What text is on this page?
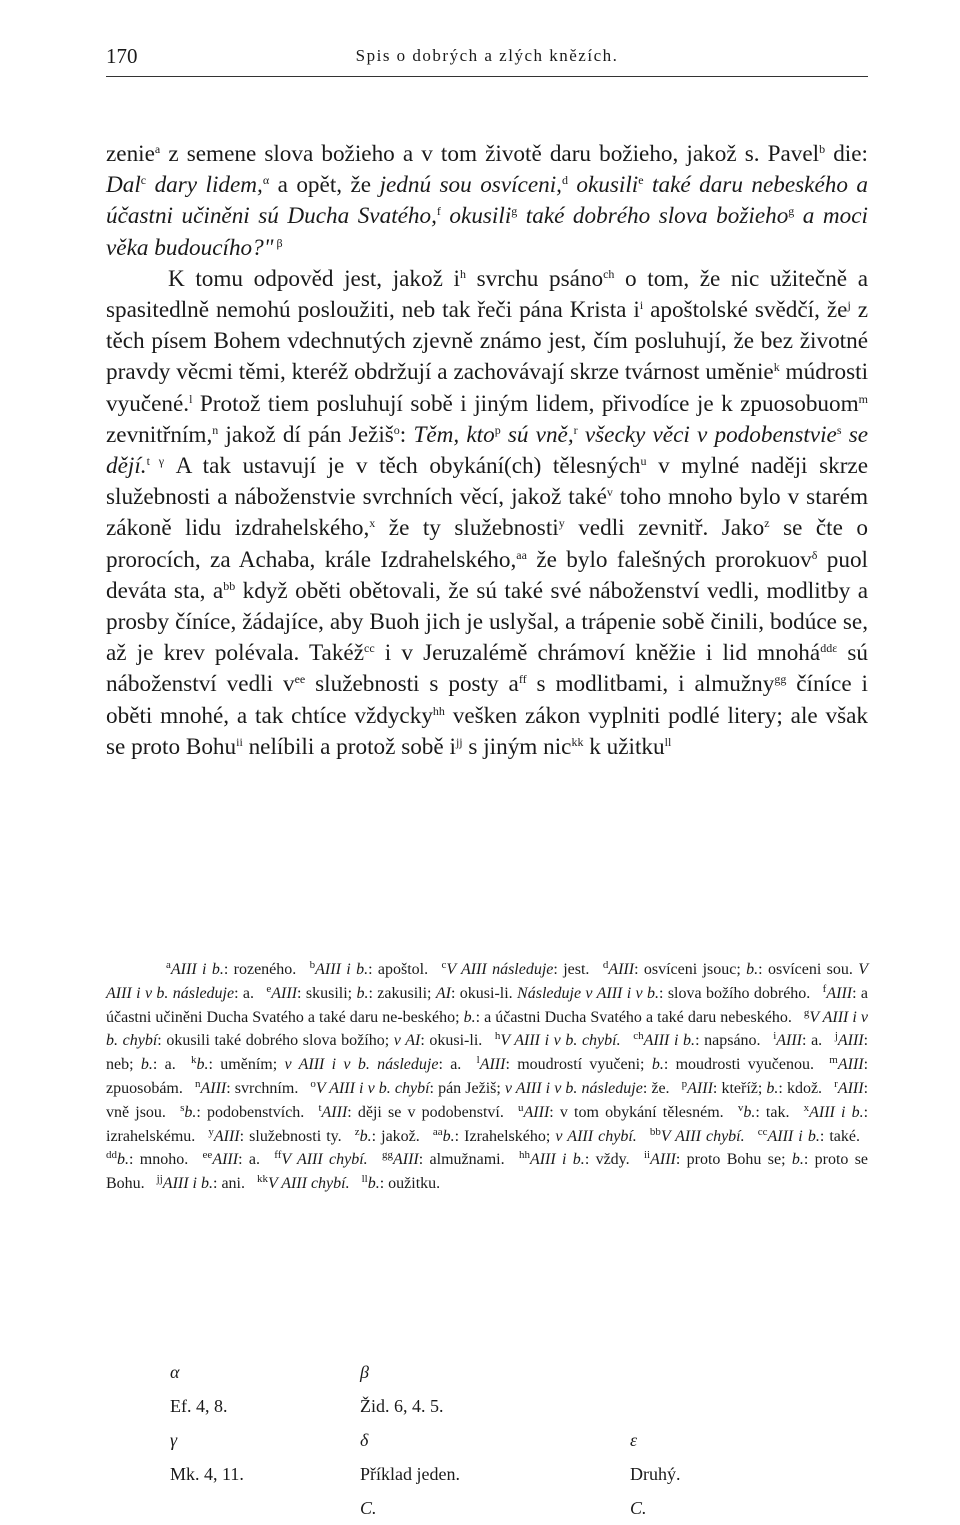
170	Spis o dobrých a zlých knězích.

zenie$^a$ z semene slova božieho a v tom životě daru božieho, jakož s. Pavel$^b$ die: Dal$^c$ dary lidem,$^\alpha$ a opět, že jednú sou osvíceni,$^d$ okusili$^e$ také daru nebeského a účastni učiněni sú Ducha Svatého,$^f$ okusili$^g$ také dobrého slova božieho$^g$ a moci věka budoucího?" $^\beta$

K tomu odpověd jest, jakož $i^h$ svrchu psáno$^{ch}$ o tom, že nic užitečně a spasitedlně nemohú posloužiti, neb tak řeči pána Krista $i^i$ apoštolské svědčí, $že^j$ z těch písem Bohem vdechnutých zjevně známo jest, čím posluhují, že bez životné pravdy věcmi těmi, kteréž obdržují a zachovávají skrze tvárnost uměnie$^k$ múdrosti vyučené.$^l$ Protož tiem posluhují sobě i jiným lidem, přivodíce je k zpuosobuom$^m$ zevnitřním,$^n$ jakož dí pán Ježiš$^o$: Těm, kto$^p$ sú vně,$^r$ všecky věci v podobenstvie$^s$ se dějí.$^t$ $^\gamma$ A tak ustavují je v těch obykání(ch) tělesných$^u$ v mylné naději skrze služebnosti a náboženstvie svrchních věcí, jakož také$^v$ toho mnoho bylo v starém zákoně lidu izdrahelského,$^x$ že ty služebnosti$^y$ vedli zevnitř. Jako$^z$ se čte o prorocích, za Achaba, krále Izdrahelského,$^{aa}$ že bylo falešných prorokuov$^\delta$ puol deváta sta, $a^{bb}$ když oběti obětovali, že sú také své náboženství vedli, modlitby a prosby číníce, žádajíce, aby Buoh jich je uslyšal, a trápenie sobě činili, bodúce se, až je krev polévala. Takéž$^{cc}$ i v Jeruzalémě chrámoví kněžie i lid mnohá$^{dd\varepsilon}$ sú náboženství vedli $v^{ee}$ služebnosti s posty $a^{ff}$ s modlitbami, i almužny$^{gg}$ číníce i oběti mnohé, a tak chtíce vždycky$^{hh}$ vešken zákon vyplniti podlé litery; ale však se proto Bohu$^{ii}$ nelíbili a protož sobě $i^{jj}$ s jiným nic$^{kk}$ k užitku$^{ll}$

$^a$AIII i b.: rozeného.  $^b$AIII i b.: apoštol.  $^c$V AIII následuje: jest.  $^d$AIII: osvíceni jsouc; b.: osvíceni sou. V AIII i v b. následuje: a.  $^e$AIII: skusili; b.: zakusili; AI: okusi-li. Následuje v AIII i v b.: slova božího dobrého.  $^f$AIII: a účastni učiněni Ducha Svatého a také daru ne-beského; b.: a účastni Ducha Svatého a také daru nebeského.  $^g$V AIII i v b. chybí: okusili také dobrého slova božího; v AI: okusi-li.  $^h$V AIII i v b. chybí.  $^{ch}$AIII i b.: napsáno.  $^i$AIII: a.  $^j$AIII: neb; b.: a.  $^k$b.: uměním; v AIII i v b. následuje: a.  $^l$AIII: moudrostí vyučeni; b.: moudrosti vyučenou.  $^m$AIII: zpuosobám.  $^n$AIII: svrchním.  $^o$V AIII i v b. chybí: pán Ježiš; v AIII i v b. následuje: že.  $^p$AIII: kteříž; b.: kdož.  $^r$AIII: vně jsou.  $^s$b.: podobenstvích.  $^t$AIII: ději se v podobenství.  $^u$AIII: v tom obykání tělesném.  $^v$b.: tak.  $^x$AIII i b.: izrahelskému.  $^y$AIII: služebnosti ty.  $^z$b.: jakož.  $^{aa}$b.: Izrahelského; v AIII chybí.  $^{bb}$V AIII chybí.  $^{cc}$AIII i b.: také.  $^{dd}$b.: mnoho.  $^{ee}$AIII: a.  $^{ff}$V AIII chybí.  $^{gg}$AIII: almužnami.  $^{hh}$AIII i b.: vždy.  $^{ii}$AIII: proto Bohu se; b.: proto se Bohu.  $^{jj}$AIII i b.: ani.  $^{kk}$V AIII chybí.  $^{ll}$b.: oužitku.
α
Ef. 4, 8.
β
Žid. 6, 4. 5.
γ
Mk. 4, 11.
δ
Příklad jeden.
C.
ε
Druhý.
C.
